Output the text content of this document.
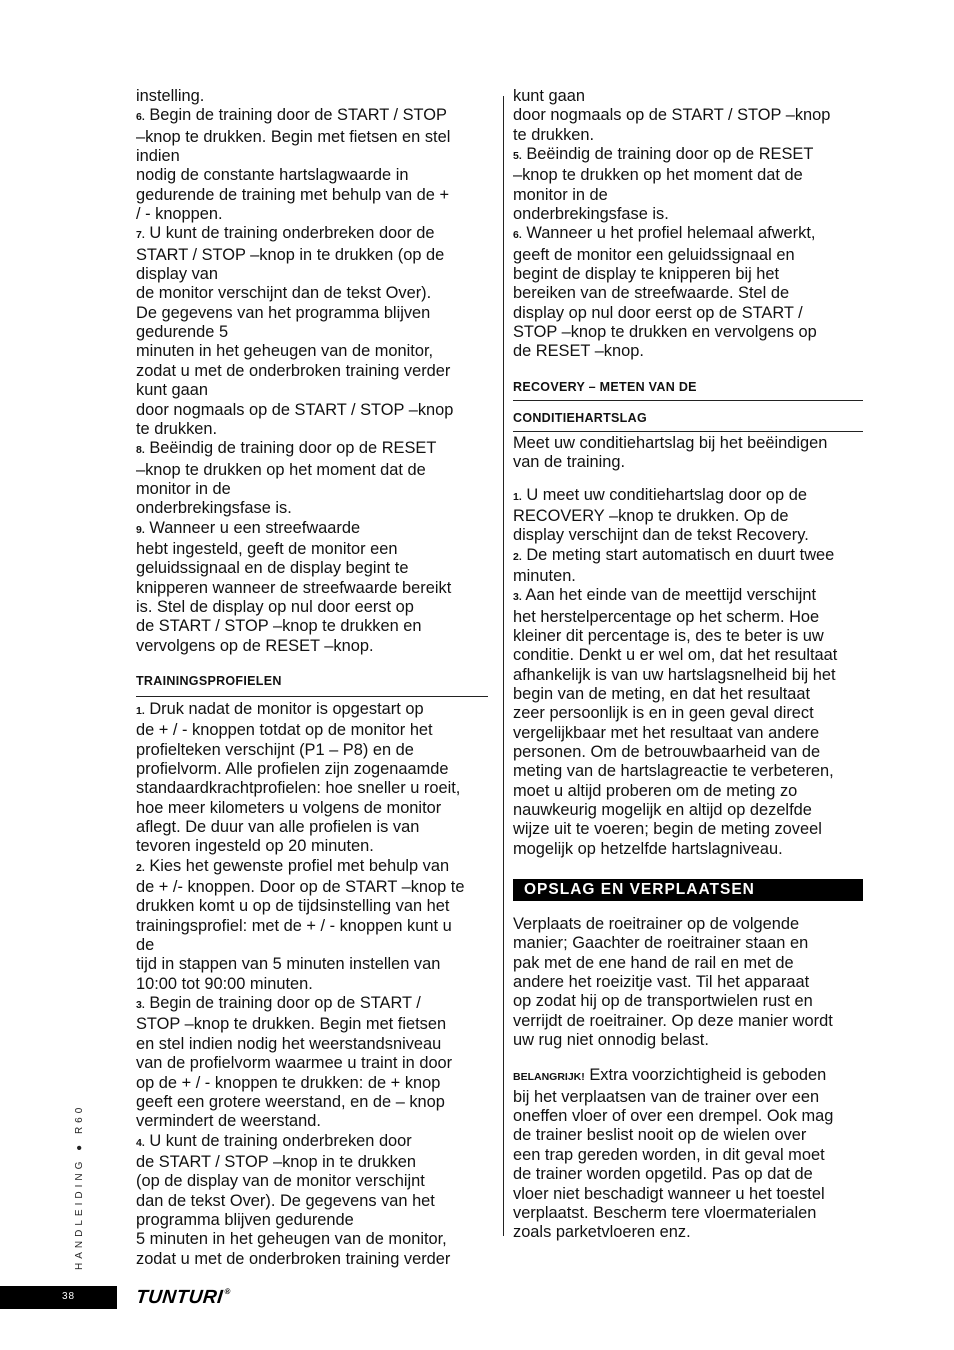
instelling.
6. Begin de training door de START / STOP
–knop te drukken. Begin met fietsen en stel
indien
nodig de constante hartslagwaarde in
gedurende de training met behulp van de +
/ - knoppen.
7. U kunt de training onderbreken door de
START / STOP –knop in te drukken (op de
display van
de monitor verschijnt dan de tekst Over).
De gegevens van het programma blijven
gedurende 5
minuten in het geheugen van de monitor,
zodat u met de onderbroken training verder
kunt gaan
door nogmaals op de START / STOP –knop
te drukken.
8. Beëindig de training door op de RESET
–knop te drukken op het moment dat de
monitor in de
onderbrekingsfase is.
9. Wanneer u een streefwaarde
hebt ingesteld, geeft de monitor een
geluidssignaal en de display begint te
knipperen wanneer de streefwaarde bereikt
is. Stel de display op nul door eerst op
de START / STOP –knop te drukken en
vervolgens op de RESET –knop.
TRAININGSPROFIELEN
1. Druk nadat de monitor is opgestart op
de + / - knoppen totdat op de monitor het
profielteken verschijnt (P1 – P8) en de
profielvorm. Alle profielen zijn zogenaamde
standaardkrachtprofielen: hoe sneller u roeit,
hoe meer kilometers u volgens de monitor
aflegt. De duur van alle profielen is van
tevoren ingesteld op 20 minuten.
2. Kies het gewenste profiel met behulp van
de + /- knoppen. Door op de START –knop te
drukken komt u op de tijdsinstelling van het
trainingsprofiel: met de + / - knoppen kunt u
de
tijd in stappen van 5 minuten instellen van
10:00 tot 90:00 minuten.
3. Begin de training door op de START /
STOP –knop te drukken. Begin met fietsen
en stel indien nodig het weerstandsniveau
van de profielvorm waarmee u traint in door
op de + / - knoppen te drukken: de + knop
geeft een grotere weerstand, en de – knop
vermindert de weerstand.
4. U kunt de training onderbreken door
de START / STOP –knop in te drukken
(op de display van de monitor verschijnt
dan de tekst Over). De gegevens van het
programma blijven gedurende
5 minuten in het geheugen van de monitor,
zodat u met de onderbroken training verder
kunt gaan
door nogmaals op de START / STOP –knop
te drukken.
5. Beëindig de training door op de RESET
–knop te drukken op het moment dat de
monitor in de
onderbrekingsfase is.
6. Wanneer u het profiel helemaal afwerkt,
geeft de monitor een geluidssignaal en
begint de display te knipperen bij het
bereiken van de streefwaarde. Stel de
display op nul door eerst op de START /
STOP –knop te drukken en vervolgens op
de RESET –knop.
RECOVERY – METEN VAN DE
CONDITIEHARTSLAG
Meet uw conditiehartslag bij het beëindigen
van de training.
1. U meet uw conditiehartslag door op de
RECOVERY –knop te drukken. Op de
display verschijnt dan de tekst Recovery.
2. De meting start automatisch en duurt twee
minuten.
3. Aan het einde van de meettijd verschijnt
het herstelpercentage op het scherm. Hoe
kleiner dit percentage is, des te beter is uw
conditie. Denkt u er wel om, dat het resultaat
afhankelijk is van uw hartslagsnelheid bij het
begin van de meting, en dat het resultaat
zeer persoonlijk is en in geen geval direct
vergelijkbaar met het resultaat van andere
personen. Om de betrouwbaarheid van de
meting van de hartslagreactie te verbeteren,
moet u altijd proberen om de meting zo
nauwkeurig mogelijk en altijd op dezelfde
wijze uit te voeren; begin de meting zoveel
mogelijk op hetzelfde hartslagniveau.
OPSLAG EN VERPLAATSEN
Verplaats de roeitrainer op de volgende
manier; Gaachter de roeitrainer staan en
pak met de ene hand de rail en met de
andere het roeizitje vast. Til het apparaat
op zodat hij op de transportwielen rust en
verrijdt de roeitrainer. Op deze manier wordt
uw rug niet onnodig belast.
BELANGRIJK! Extra voorzichtigheid is geboden
bij het verplaatsen van de trainer over een
oneffen vloer of over een drempel. Ook mag
de trainer beslist nooit op de wielen over
een trap gereden worden, in dit geval moet
de trainer worden opgetild. Pas op dat de
vloer niet beschadigt wanneer u het toestel
verplaatst. Bescherm tere vloermaterialen
zoals parketvloeren enz.
HANDLEIDING ● R60
38	TUNTURI®
